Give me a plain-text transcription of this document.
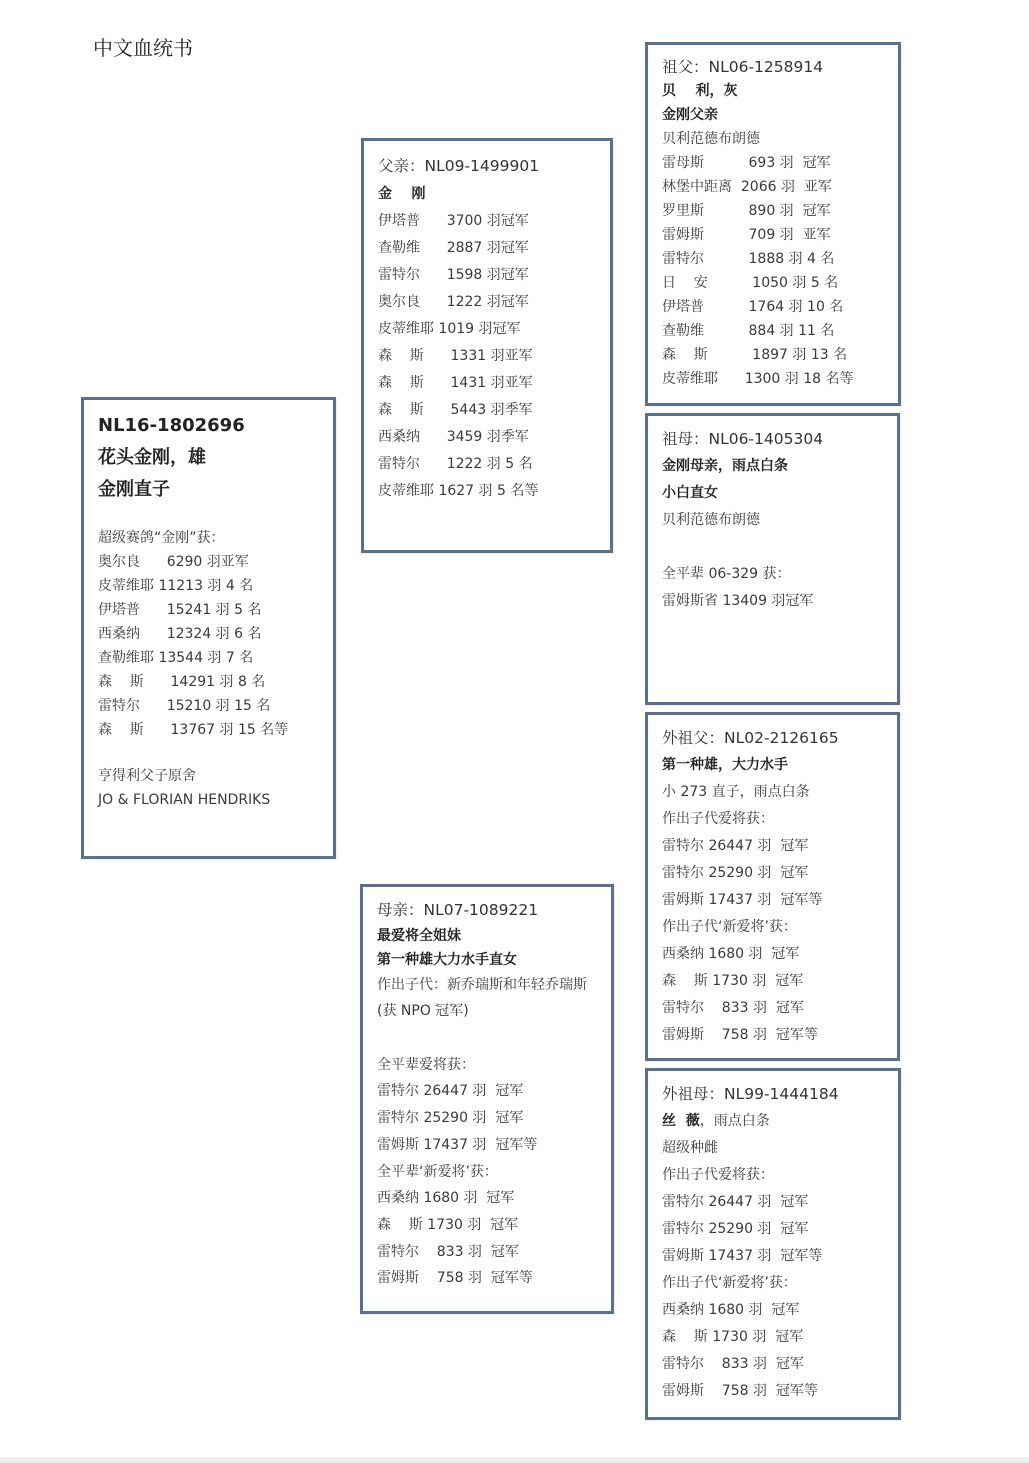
中文血统书
NL16-1802696
花头金刚，雄
金刚直子
超级赛鸽“金刚”获：
奥尔良      6290 羽亚军
皮蒂维耶 11213 羽 4 名
伊塔普      15241 羽 5 名
西桑纳      12324 羽 6 名
查勒维耶 13544 羽 7 名
森    斯      14291 羽 8 名
雷特尔      15210 羽 15 名
森    斯      13767 羽 15 名等
亨得利父子原舍
JO & FLORIAN HENDRIKS
父亲：NL09-1499901
金    刚
伊塔普      3700 羽冠军
查勒维      2887 羽冠军
雷特尔      1598 羽冠军
奥尔良      1222 羽冠军
皮蒂维耶 1019 羽冠军
森    斯      1331 羽亚军
森    斯      1431 羽亚军
森    斯      5443 羽季军
西桑纳      3459 羽季军
雷特尔      1222 羽 5 名
皮蒂维耶 1627 羽 5 名等
母亲：NL07-1089221
最爱将全姐妹
第一种雄大力水手直女
作出子代：新乔瑞斯和年轻乔瑞斯
(获 NPO 冠军)
全平辈爱将获：
雷特尔 26447 羽  冠军
雷特尔 25290 羽  冠军
雷姆斯 17437 羽  冠军等
全平辈‘新爱将’获：
西桑纳 1680 羽  冠军
森    斯 1730 羽  冠军
雷特尔    833 羽  冠军
雷姆斯    758 羽  冠军等
祖父：NL06-1258914
贝    利，灰
金刚父亲
贝利范德布朗德
雷母斯          693 羽  冠军
林堡中距离  2066 羽  亚军
罗里斯          890 羽  冠军
雷姆斯          709 羽  亚军
雷特尔          1888 羽 4 名
日    安          1050 羽 5 名
伊塔普          1764 羽 10 名
查勒维          884 羽 11 名
森    斯          1897 羽 13 名
皮蒂维耶      1300 羽 18 名等
祖母：NL06-1405304
金刚母亲，雨点白条
小白直女
贝利范德布朗德
全平辈 06-329 获：
雷姆斯省 13409 羽冠军
外祖父：NL02-2126165
第一种雄，大力水手
小 273 直子，雨点白条
作出子代爱将获：
雷特尔 26447 羽  冠军
雷特尔 25290 羽  冠军
雷姆斯 17437 羽  冠军等
作出子代‘新爱将’获：
西桑纳 1680 羽  冠军
森    斯 1730 羽  冠军
雷特尔    833 羽  冠军
雷姆斯    758 羽  冠军等
外祖母：NL99-1444184
丝  薇，雨点白条
超级种雌
作出子代爱将获：
雷特尔 26447 羽  冠军
雷特尔 25290 羽  冠军
雷姆斯 17437 羽  冠军等
作出子代‘新爱将’获：
西桑纳 1680 羽  冠军
森    斯 1730 羽  冠军
雷特尔    833 羽  冠军
雷姆斯    758 羽  冠军等
